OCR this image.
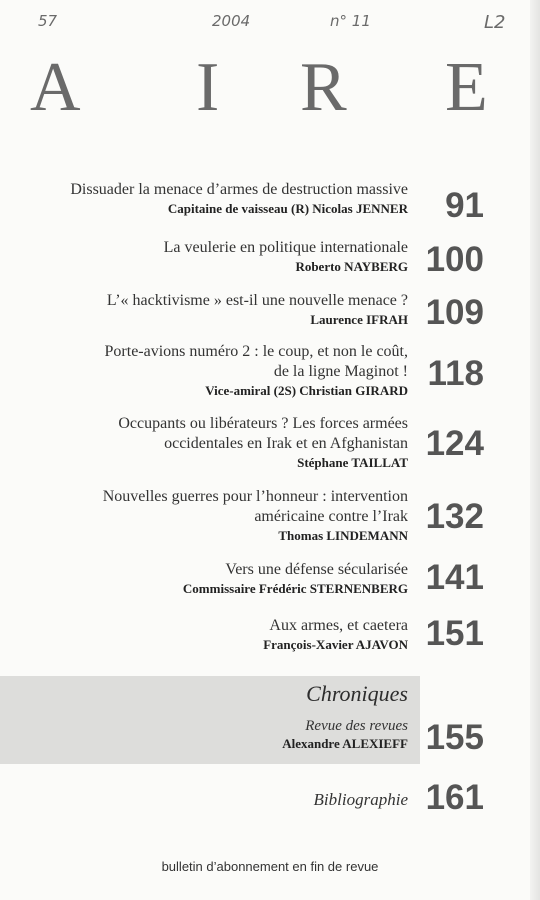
57	2004	n° 11	L2
A I R E
Dissuader la menace d’armes de destruction massive
Capitaine de vaisseau (R) Nicolas JENNER 91
La veulerie en politique internationale
Roberto NAYBERG 100
L’« hacktivisme » est-il une nouvelle menace ?
Laurence IFRAH 109
Porte-avions numéro 2 : le coup, et non le coût,
de la ligne Maginot !
Vice-amiral (2S) Christian GIRARD 118
Occupants ou libérateurs ? Les forces armées
occidentales en Irak et en Afghanistan
Stéphane TAILLAT 124
Nouvelles guerres pour l’honneur : intervention
américaine contre l’Irak
Thomas LINDEMANN 132
Vers une défense sécularisée
Commissaire Frédéric STERNENBERG 141
Aux armes, et caetera
François-Xavier AJAVON 151
Chroniques
Revue des revues
Alexandre ALEXIEFF 155
Bibliographie 161
bulletin d’abonnement en fin de revue
